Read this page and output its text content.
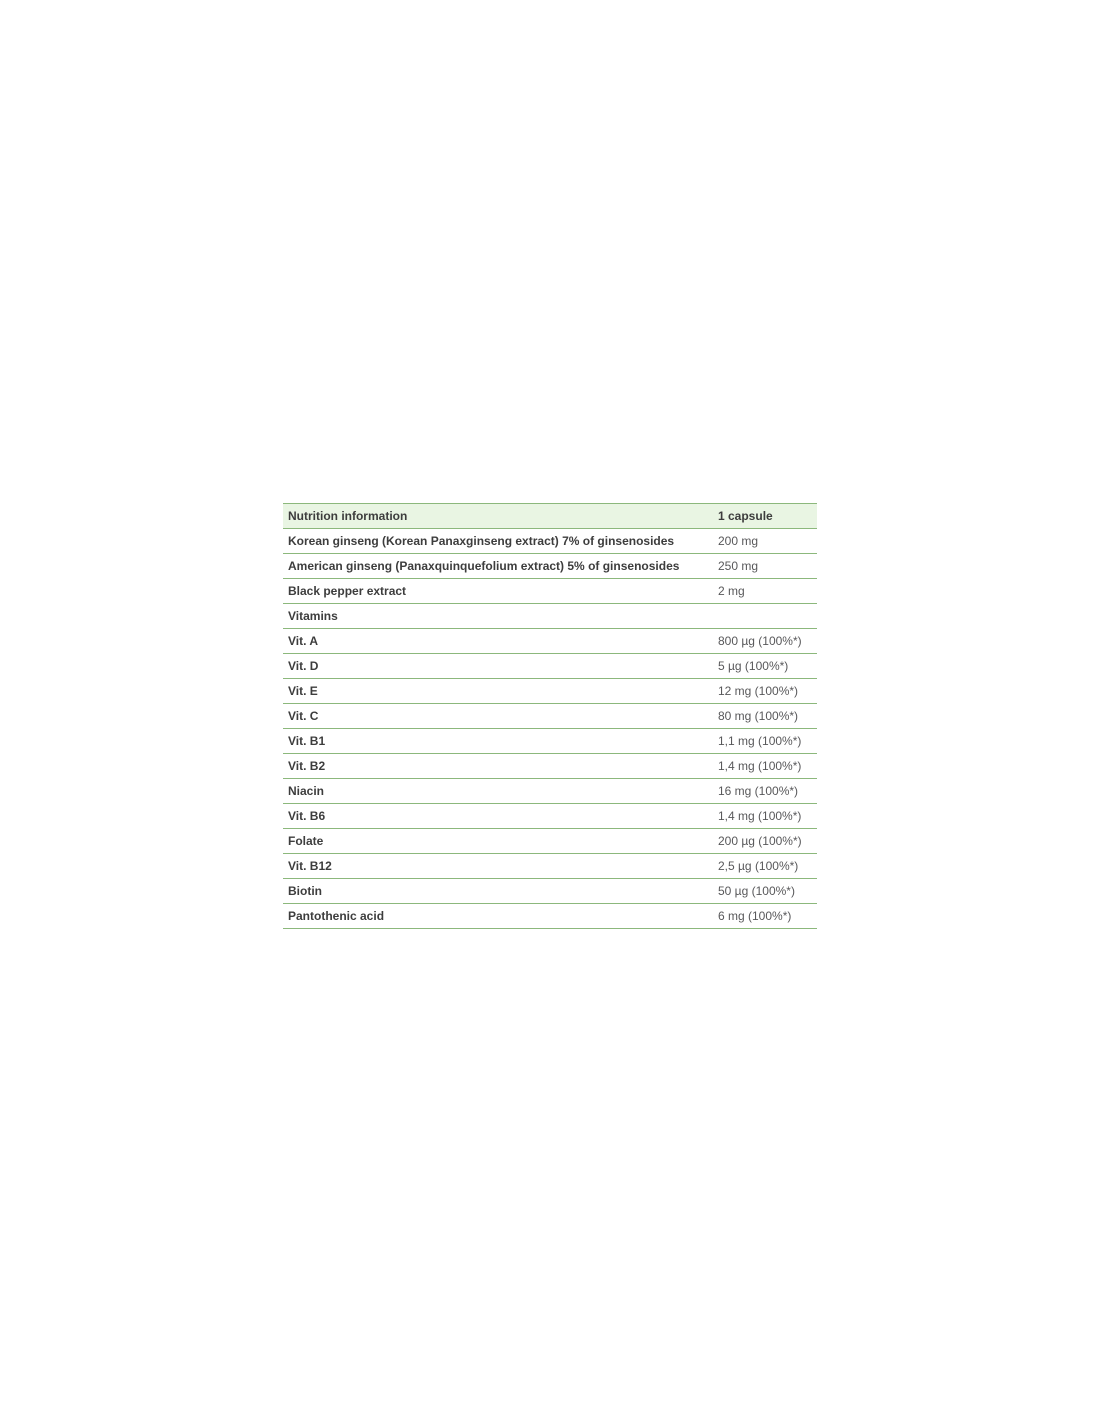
Nutrition information	1 capsule
Korean ginseng (Korean Panaxginseng extract) 7% of ginsenosides	200 mg
American ginseng (Panaxquinquefolium extract) 5% of ginsenosides	250 mg
Black pepper extract	2 mg
Vitamins	
Vit. A	800 µg (100%*)
Vit. D	5 µg (100%*)
Vit. E	12 mg (100%*)
Vit. C	80 mg (100%*)
Vit. B1	1,1 mg (100%*)
Vit. B2	1,4 mg (100%*)
Niacin	16 mg (100%*)
Vit. B6	1,4 mg (100%*)
Folate	200 µg (100%*)
Vit. B12	2,5 µg (100%*)
Biotin	50 µg (100%*)
Pantothenic acid	6 mg (100%*)
